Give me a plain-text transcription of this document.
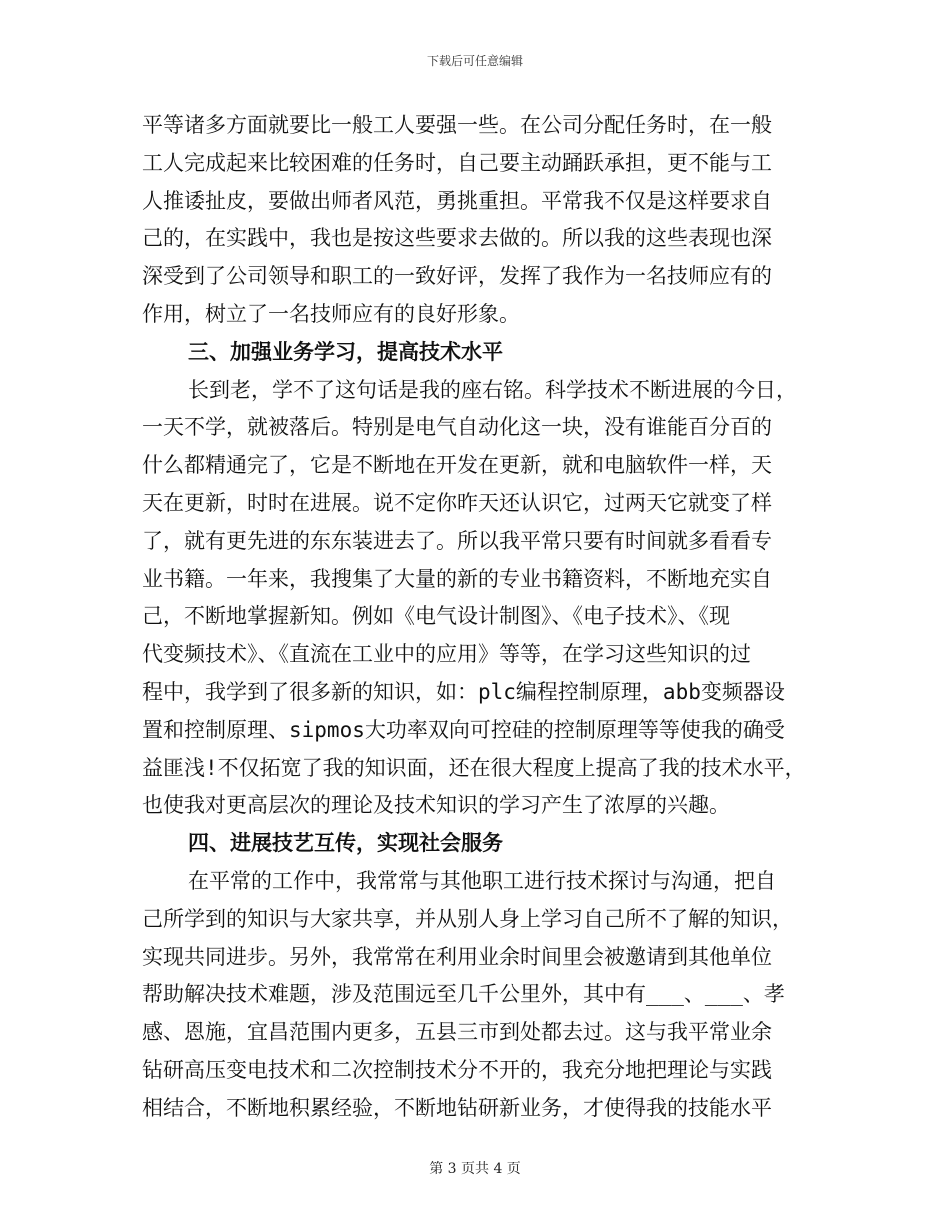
下载后可任意编辑
平等诸多方面就要比一般工人要强一些。在公司分配任务时，在一般
工人完成起来比较困难的任务时，自己要主动踊跃承担，更不能与工
人推诿扯皮，要做出师者风范，勇挑重担。平常我不仅是这样要求自
己的，在实践中，我也是按这些要求去做的。所以我的这些表现也深
深受到了公司领导和职工的一致好评，发挥了我作为一名技师应有的
作用，树立了一名技师应有的良好形象。
三、加强业务学习，提高技术水平
长到老，学不了这句话是我的座右铭。科学技术不断进展的今日，
一天不学，就被落后。特别是电气自动化这一块，没有谁能百分百的
什么都精通完了，它是不断地在开发在更新，就和电脑软件一样，天
天在更新，时时在进展。说不定你昨天还认识它，过两天它就变了样
了，就有更先进的东东装进去了。所以我平常只要有时间就多看看专
业书籍。一年来，我搜集了大量的新的专业书籍资料，不断地充实自
己，不断地掌握新知。例如《电气设计制图》、《电子技术》、《现
代变频技术》、《直流在工业中的应用》等等，在学习这些知识的过
程中，我学到了很多新的知识，如：plc编程控制原理，abb变频器设
置和控制原理、sipmos大功率双向可控硅的控制原理等等使我的确受
益匪浅!不仅拓宽了我的知识面，还在很大程度上提高了我的技术水平，
也使我对更高层次的理论及技术知识的学习产生了浓厚的兴趣。
四、进展技艺互传，实现社会服务
在平常的工作中，我常常与其他职工进行技术探讨与沟通，把自
己所学到的知识与大家共享，并从别人身上学习自己所不了解的知识，
实现共同进步。另外，我常常在利用业余时间里会被邀请到其他单位
帮助解决技术难题，涉及范围远至几千公里外，其中有___、___、孝
感、恩施，宜昌范围内更多，五县三市到处都去过。这与我平常业余
钻研高压变电技术和二次控制技术分不开的，我充分地把理论与实践
相结合，不断地积累经验，不断地钻研新业务，才使得我的技能水平
第 3 页共 4 页
